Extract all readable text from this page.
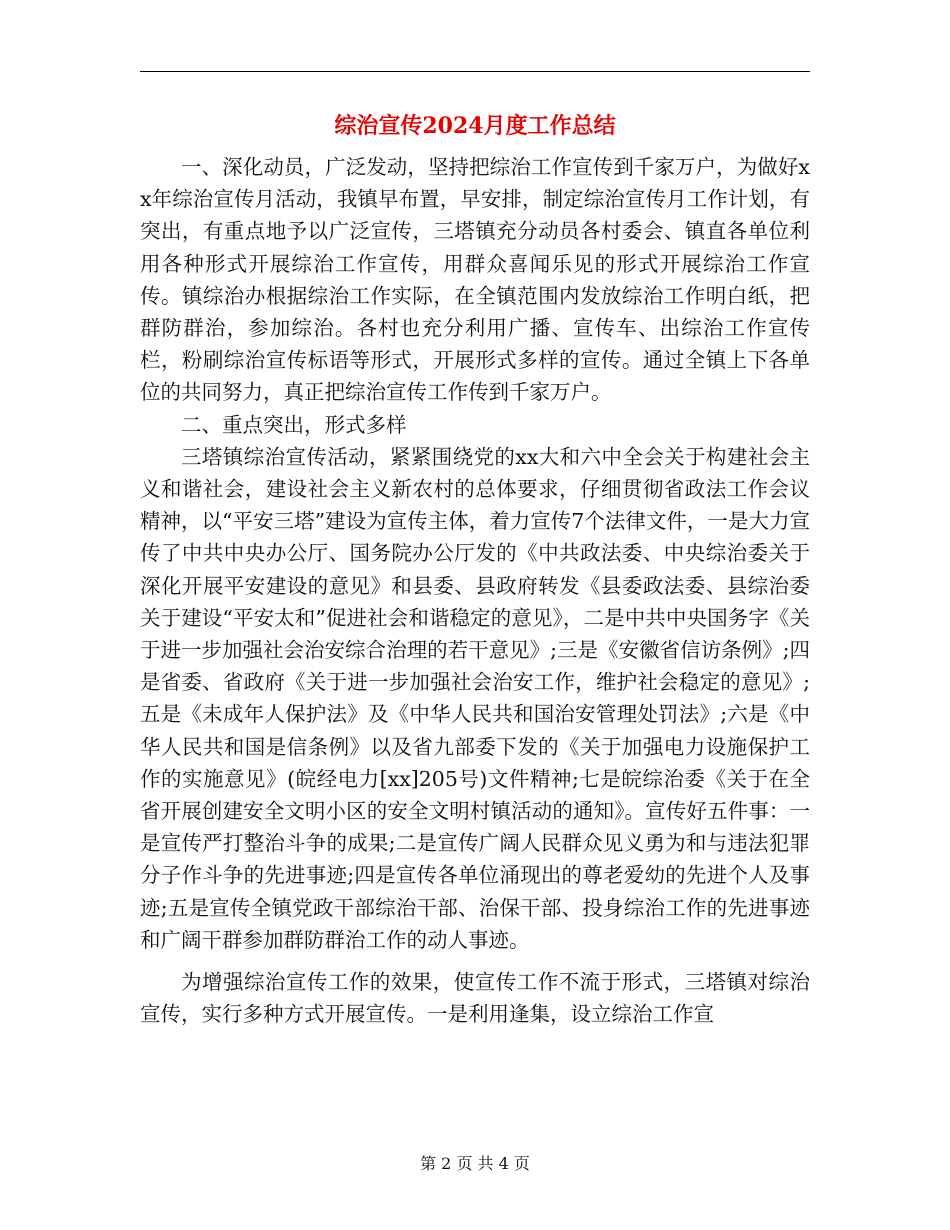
综治宣传2024月度工作总结

一、深化动员，广泛发动，坚持把综治工作宣传到千家万户，为做好xx年综治宣传月活动，我镇早布置，早安排，制定综治宣传月工作计划，有突出，有重点地予以广泛宣传，三塔镇充分动员各村委会、镇直各单位利用各种形式开展综治工作宣传，用群众喜闻乐见的形式开展综治工作宣传。镇综治办根据综治工作实际，在全镇范围内发放综治工作明白纸，把群防群治，参加综治。各村也充分利用广播、宣传车、出综治工作宣传栏，粉刷综治宣传标语等形式，开展形式多样的宣传。通过全镇上下各单位的共同努力，真正把综治宣传工作传到千家万户。

二、重点突出，形式多样

三塔镇综治宣传活动，紧紧围绕党的xx大和六中全会关于构建社会主义和谐社会，建设社会主义新农村的总体要求，仔细贯彻省政法工作会议精神，以“平安三塔”建设为宣传主体，着力宣传7个法律文件，一是大力宣传了中共中央办公厅、国务院办公厅发的《中共政法委、中央综治委关于深化开展平安建设的意见》和县委、县政府转发《县委政法委、县综治委关于建设“平安太和”促进社会和谐稳定的意见》，二是中共中央国务字《关于进一步加强社会治安综合治理的若干意见》;三是《安徽省信访条例》;四是省委、省政府《关于进一步加强社会治安工作，维护社会稳定的意见》;五是《未成年人保护法》及《中华人民共和国治安管理处罚法》;六是《中华人民共和国是信条例》以及省九部委下发的《关于加强电力设施保护工作的实施意见》(皖经电力[xx]205号)文件精神;七是皖综治委《关于在全省开展创建安全文明小区的安全文明村镇活动的通知》。宣传好五件事：一是宣传严打整治斗争的成果;二是宣传广阔人民群众见义勇为和与违法犯罪分子作斗争的先进事迹;四是宣传各单位涌现出的尊老爱幼的先进个人及事迹;五是宣传全镇党政干部综治干部、治保干部、投身综治工作的先进事迹和广阔干群参加群防群治工作的动人事迹。

为增强综治宣传工作的效果，使宣传工作不流于形式，三塔镇对综治宣传，实行多种方式开展宣传。一是利用逢集，设立综治工作宣

第 2 页 共 4 页
